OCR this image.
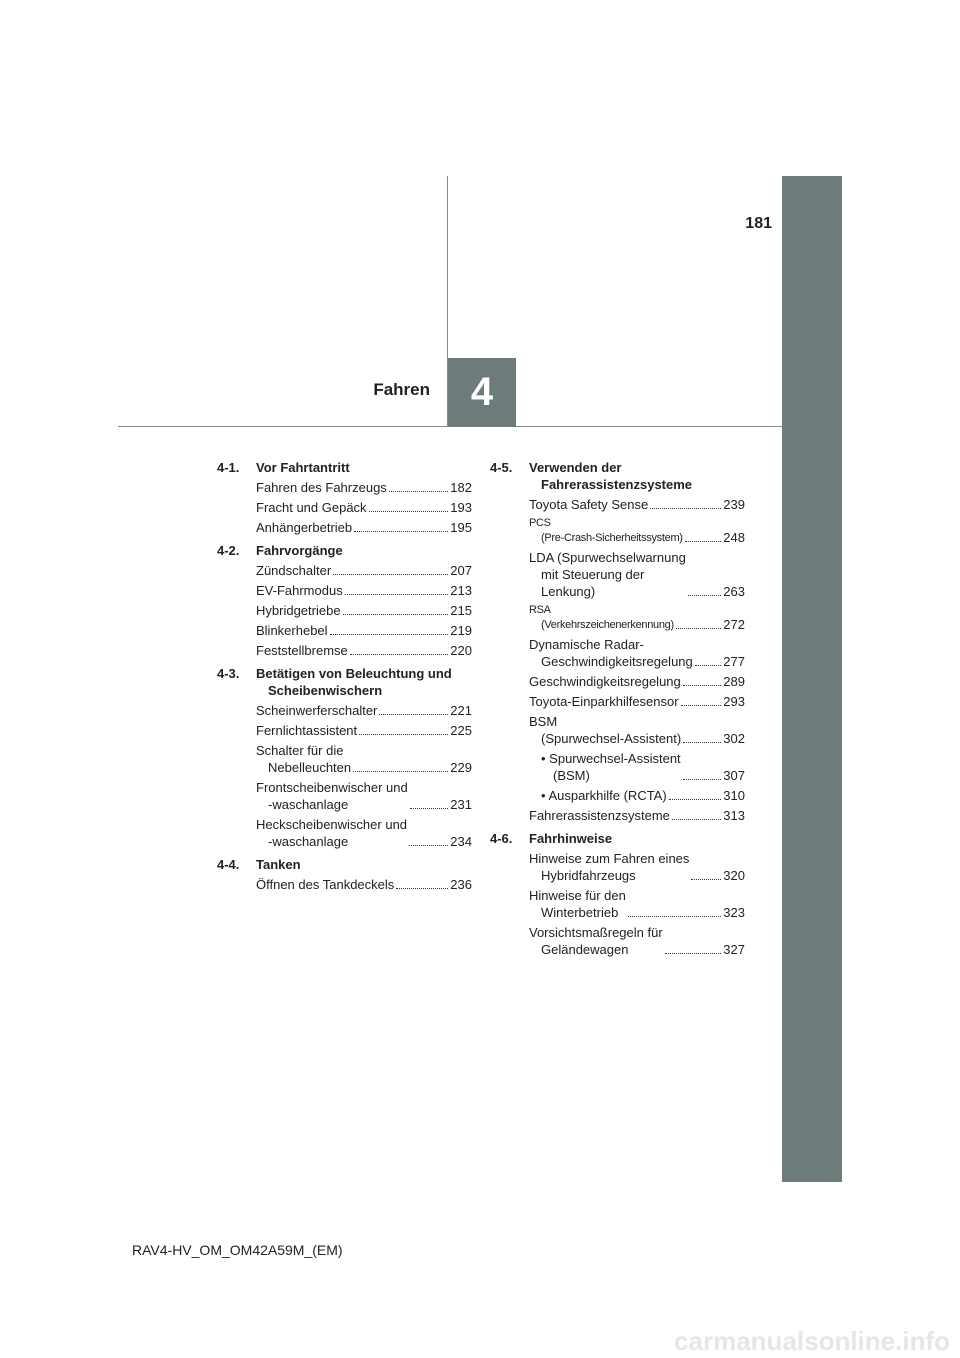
181
Fahren 4
4-1.	Vor Fahrtantritt
Fahren des Fahrzeugs	182
Fracht und Gepäck	193
Anhängerbetrieb	195
4-2.	Fahrvorgänge
Zündschalter	207
EV-Fahrmodus	213
Hybridgetriebe	215
Blinkerhebel	219
Feststellbremse	220
4-3.	Betätigen von Beleuchtung und Scheibenwischern
Scheinwerferschalter	221
Fernlichtassistent	225
Schalter für die
Nebelleuchten	229
Frontscheibenwischer und
-waschanlage	231
Heckscheibenwischer und
-waschanlage	234
4-4.	Tanken
Öffnen des Tankdeckels	236
4-5.	Verwenden der Fahrerassistenzsysteme
Toyota Safety Sense	239
PCS
(Pre-Crash-Sicherheitssystem)	248
LDA (Spurwechselwarnung
mit Steuerung der
Lenkung)	263
RSA
(Verkehrszeichenerkennung)	272
Dynamische Radar-
Geschwindigkeitsregelung 277
Geschwindigkeitsregelung	289
Toyota-Einparkhilfesensor	293
BSM
(Spurwechsel-Assistent)	302
• Spurwechsel-Assistent
(BSM)	307
• Ausparkhilfe (RCTA)	310
Fahrerassistenzsysteme	313
4-6.	Fahrhinweise
Hinweise zum Fahren eines
Hybridfahrzeugs	320
Hinweise für den
Winterbetrieb	323
Vorsichtsmaßregeln für
Geländewagen	327
RAV4-HV_OM_OM42A59M_(EM)
carmanualsonline.info
